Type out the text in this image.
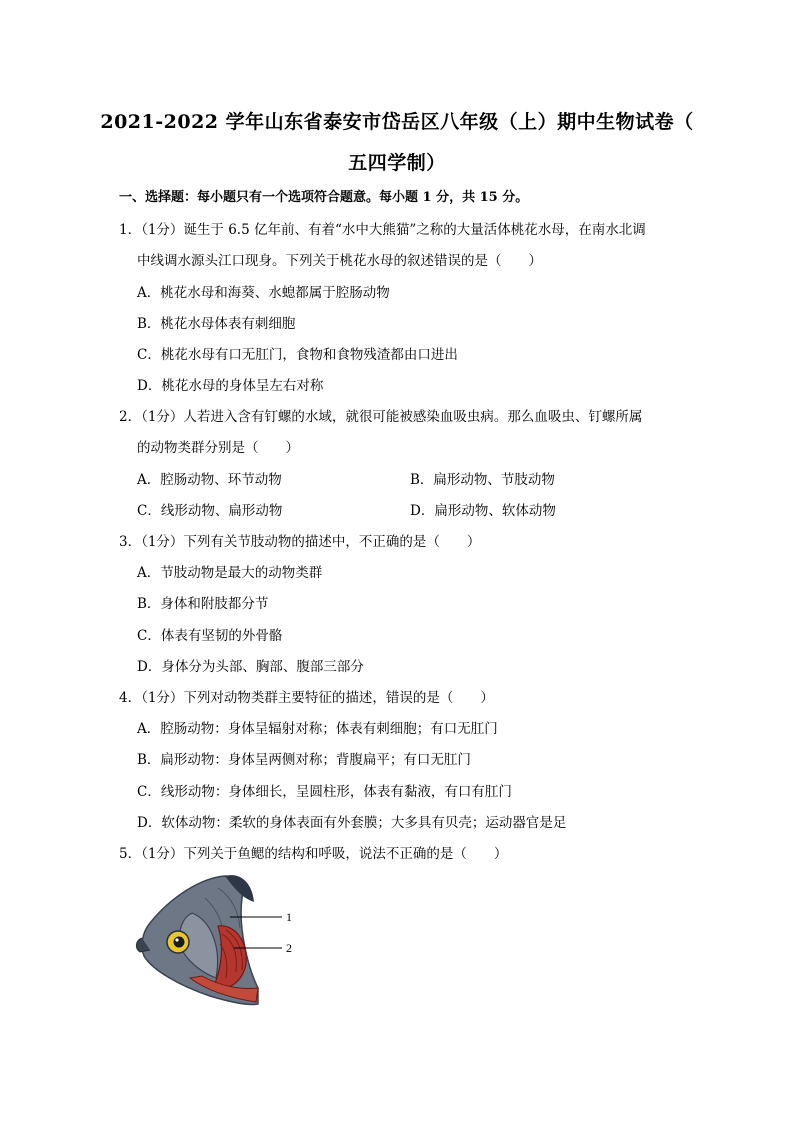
2021-2022 学年山东省泰安市岱岳区八年级（上）期中生物试卷（
五四学制）
一、选择题：每小题只有一个选项符合题意。每小题 1 分，共 15 分。
1．（1分）诞生于 6.5 亿年前、有着“水中大熊猫”之称的大量活体桃花水母，在南水北调
中线调水源头江口现身。下列关于桃花水母的叙述错误的是（　　）
A．桃花水母和海葵、水螅都属于腔肠动物
B．桃花水母体表有刺细胞
C．桃花水母有口无肛门，食物和食物残渣都由口进出
D．桃花水母的身体呈左右对称
2．（1分）人若进入含有钉螺的水域，就很可能被感染血吸虫病。那么血吸虫、钉螺所属
的动物类群分别是（　　）
A．腔肠动物、环节动物	B．扁形动物、节肢动物
C．线形动物、扁形动物	D．扁形动物、软体动物
3．（1分）下列有关节肢动物的描述中，不正确的是（　　）
A．节肢动物是最大的动物类群
B．身体和附肢都分节
C．体表有坚韧的外骨骼
D．身体分为头部、胸部、腹部三部分
4．（1分）下列对动物类群主要特征的描述，错误的是（　　）
A．腔肠动物：身体呈辐射对称；体表有刺细胞；有口无肛门
B．扁形动物：身体呈两侧对称；背腹扁平；有口无肛门
C．线形动物：身体细长，呈圆柱形，体表有黏液，有口有肛门
D．软体动物：柔软的身体表面有外套膜；大多具有贝壳；运动器官是足
5．（1分）下列关于鱼鳃的结构和呼吸，说法不正确的是（　　）
1
2
